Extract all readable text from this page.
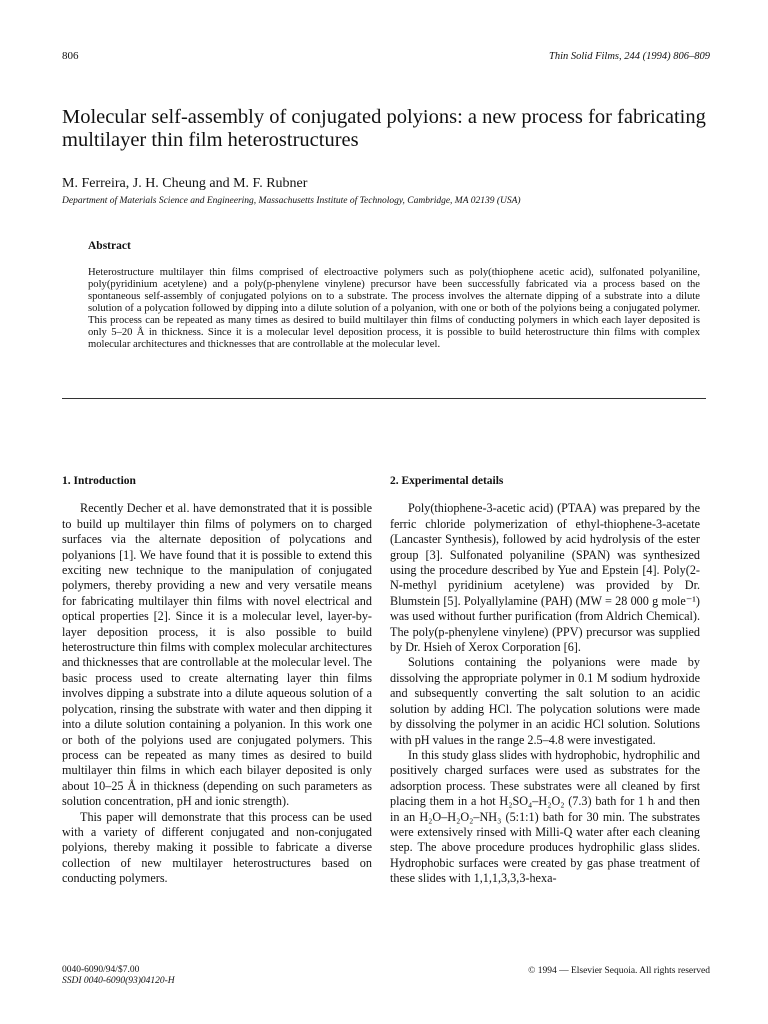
806	Thin Solid Films, 244 (1994) 806–809
Molecular self-assembly of conjugated polyions: a new process for fabricating multilayer thin film heterostructures
M. Ferreira, J. H. Cheung and M. F. Rubner
Department of Materials Science and Engineering, Massachusetts Institute of Technology, Cambridge, MA 02139 (USA)
Abstract
Heterostructure multilayer thin films comprised of electroactive polymers such as poly(thiophene acetic acid), sulfonated polyaniline, poly(pyridinium acetylene) and a poly(p-phenylene vinylene) precursor have been successfully fabricated via a process based on the spontaneous self-assembly of conjugated polyions on to a substrate. The process involves the alternate dipping of a substrate into a dilute solution of a polycation followed by dipping into a dilute solution of a polyanion, with one or both of the polyions being a conjugated polymer. This process can be repeated as many times as desired to build multilayer thin films of conducting polymers in which each layer deposited is only 5–20 Å in thickness. Since it is a molecular level deposition process, it is possible to build heterostructure thin films with complex molecular architectures and thicknesses that are controllable at the molecular level.
1. Introduction

Recently Decher et al. have demonstrated that it is possible to build up multilayer thin films of polymers on to charged surfaces via the alternate deposition of polycations and polyanions [1]. We have found that it is possible to extend this exciting new technique to the manipulation of conjugated polymers, thereby providing a new and very versatile means for fabricating multilayer thin films with novel electrical and optical properties [2]. Since it is a molecular level, layer-by-layer deposition process, it is also possible to build heterostructure thin films with complex molecular architectures and thicknesses that are controllable at the molecular level. The basic process used to create alternating layer thin films involves dipping a substrate into a dilute aqueous solution of a polycation, rinsing the substrate with water and then dipping it into a dilute solution containing a polyanion. In this work one or both of the polyions used are conjugated polymers. This process can be repeated as many times as desired to build multilayer thin films in which each bilayer deposited is only about 10–25 Å in thickness (depending on such parameters as solution concentration, pH and ionic strength).

This paper will demonstrate that this process can be used with a variety of different conjugated and non-conjugated polyions, thereby making it possible to fabricate a diverse collection of new multilayer heterostructures based on conducting polymers.

2. Experimental details

Poly(thiophene-3-acetic acid) (PTAA) was prepared by the ferric chloride polymerization of ethyl-thiophene-3-acetate (Lancaster Synthesis), followed by acid hydrolysis of the ester group [3]. Sulfonated polyaniline (SPAN) was synthesized using the procedure described by Yue and Epstein [4]. Poly(2-N-methyl pyridinium acetylene) was provided by Dr. Blumstein [5]. Polyallylamine (PAH) (MW = 28 000 g mole⁻¹) was used without further purification (from Aldrich Chemical). The poly(p-phenylene vinylene) (PPV) precursor was supplied by Dr. Hsieh of Xerox Corporation [6].

Solutions containing the polyanions were made by dissolving the appropriate polymer in 0.1 M sodium hydroxide and subsequently converting the salt solution to an acidic solution by adding HCl. The polycation solutions were made by dissolving the polymer in an acidic HCl solution. Solutions with pH values in the range 2.5–4.8 were investigated.

In this study glass slides with hydrophobic, hydrophilic and positively charged surfaces were used as substrates for the adsorption process. These substrates were all cleaned by first placing them in a hot H₂SO₄–H₂O₂ (7.3) bath for 1 h and then in an H₂O–H₂O₂–NH₃ (5:1:1) bath for 30 min. The substrates were extensively rinsed with Milli-Q water after each cleaning step. The above procedure produces hydrophilic glass slides. Hydrophobic surfaces were created by gas phase treatment of these slides with 1,1,1,3,3,3-hexa-

0040-6090/94/$7.00
SSDI 0040-6090(93)04120-H
© 1994 — Elsevier Sequoia. All rights reserved
